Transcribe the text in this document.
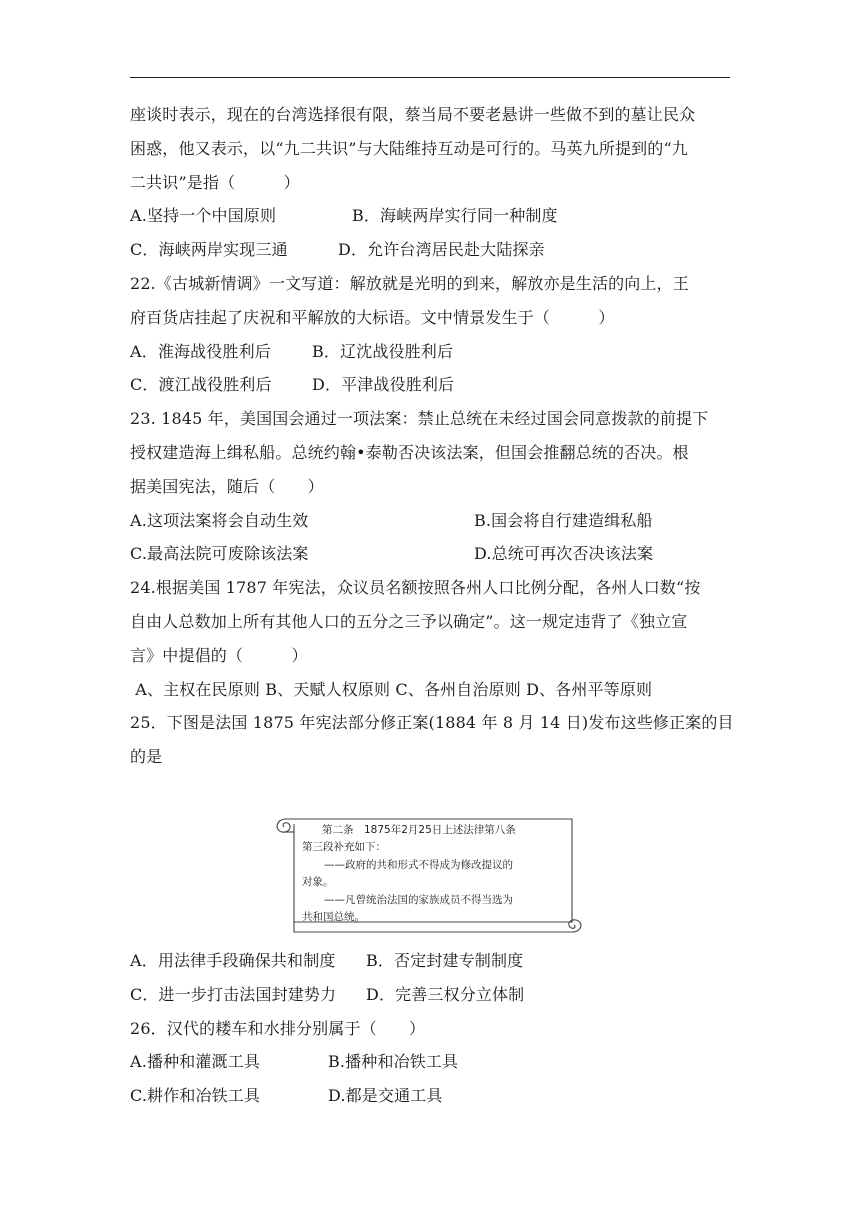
座谈时表示，现在的台湾选择很有限，蔡当局不要老悬讲一些做不到的墓让民众
困惑，他又表示，以“九二共识”与大陆维持互动是可行的。马英九所提到的“九
二共识”是指（　　　）
A.坚持一个中国原则	B．海峡两岸实行同一种制度
C．海峡两岸实现三通	D．允许台湾居民赴大陆探亲
22.《古城新情调》一文写道：解放就是光明的到来，解放亦是生活的向上，王
府百货店挂起了庆祝和平解放的大标语。文中情景发生于（　　　）
A．淮海战役胜利后	B．辽沈战役胜利后
C．渡江战役胜利后	D．平津战役胜利后
23. 1845 年，美国国会通过一项法案：禁止总统在未经过国会同意拨款的前提下
授权建造海上缉私船。总统约翰•泰勒否决该法案，但国会推翻总统的否决。根
据美国宪法，随后（　　）
A.这项法案将会自动生效	B.国会将自行建造缉私船
C.最高法院可废除该法案	D.总统可再次否决该法案
24.根据美国 1787 年宪法，众议员名额按照各州人口比例分配，各州人口数“按
自由人总数加上所有其他人口的五分之三予以确定”。这一规定违背了《独立宣
言》中提倡的（　　　）
A、主权在民原则 B、天赋人权原则 C、各州自治原则 D、各州平等原则
25．下图是法国 1875 年宪法部分修正案(1884 年 8 月 14 日)发布这些修正案的目
的是
第二条　1875年2月25日上述法律第八条
第三段补充如下：
——政府的共和形式不得成为修改提议的
对象。
——凡曾统治法国的家族成员不得当选为
共和国总统。
A．用法律手段确保共和制度	B．否定封建专制制度
C．进一步打击法国封建势力	D．完善三权分立体制
26．汉代的耧车和水排分别属于（　　）
A.播种和灌溉工具	B.播种和冶铁工具
C.耕作和冶铁工具	D.都是交通工具
